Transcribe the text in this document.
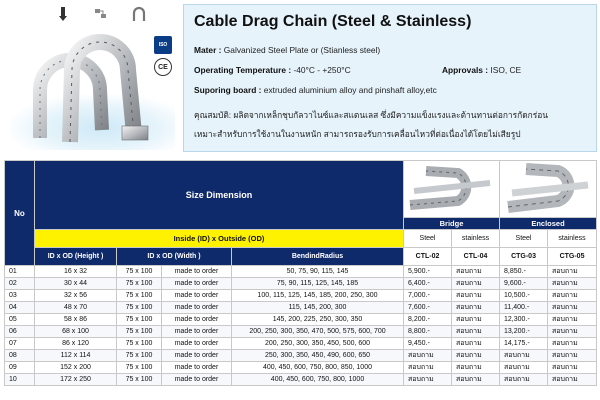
ISO
CE
Cable Drag Chain (Steel & Stainless)
Mater : Galvanized Steel Plate or (Stianless steel)
Operating Temperature : -40°C - +250°C	Approvals : ISO, CE
Suporing board : extruded aluminium alloy and pinshaft alloy,etc
คุณสมบัติ: ผลิตจากเหล็กชุบกัลวาไนซ์และสแตนเลส ซึ่งมีความแข็งแรงและต้านทานต่อการกัดกร่อน
เหมาะสำหรับการใช้งานในงานหนัก สามารถรองรับการเคลื่อนไหวที่ต่อเนื่องได้โดยไม่เสียรูป
No	Size Dimension		
					Bridge		Enclosed	
	Inside (ID) x Outside (OD)				Steel	stainless	Steel	stainless
	ID x OD (Height )	ID x OD (Width )		BendindRadius	CTL-02	CTL-04	CTG-03	CTG-05
01	16 x 32	75 x 100	made to order	50, 75, 90, 115, 145	5,900.-	สอบถาม	8,850.-	สอบถาม
02	30 x 44	75 x 100	made to order	75, 90, 115, 125, 145, 185	6,400.-	สอบถาม	9,600.-	สอบถาม
03	32 x 56	75 x 100	made to order	100, 115, 125, 145, 185, 200, 250, 300	7,000.-	สอบถาม	10,500.-	สอบถาม
04	48 x 70	75 x 100	made to order	115, 145, 200, 300	7,600.-	สอบถาม	11,400.-	สอบถาม
05	58 x 86	75 x 100	made to order	145, 200, 225, 250, 300, 350	8,200.-	สอบถาม	12,300.-	สอบถาม
06	68 x 100	75 x 100	made to order	200, 250, 300, 350, 470, 500, 575, 600, 700	8,800.-	สอบถาม	13,200.-	สอบถาม
07	86 x 120	75 x 100	made to order	200, 250, 300, 350, 450, 500, 600	9,450.-	สอบถาม	14,175.-	สอบถาม
08	112 x 114	75 x 100	made to order	250, 300, 350, 450, 490, 600, 650	สอบถาม	สอบถาม	สอบถาม	สอบถาม
09	152 x 200	75 x 100	made to order	400, 450, 600, 750, 800, 850, 1000	สอบถาม	สอบถาม	สอบถาม	สอบถาม
10	172 x 250	75 x 100	made to order	400, 450, 600, 750, 800, 1000	สอบถาม	สอบถาม	สอบถาม	สอบถาม
